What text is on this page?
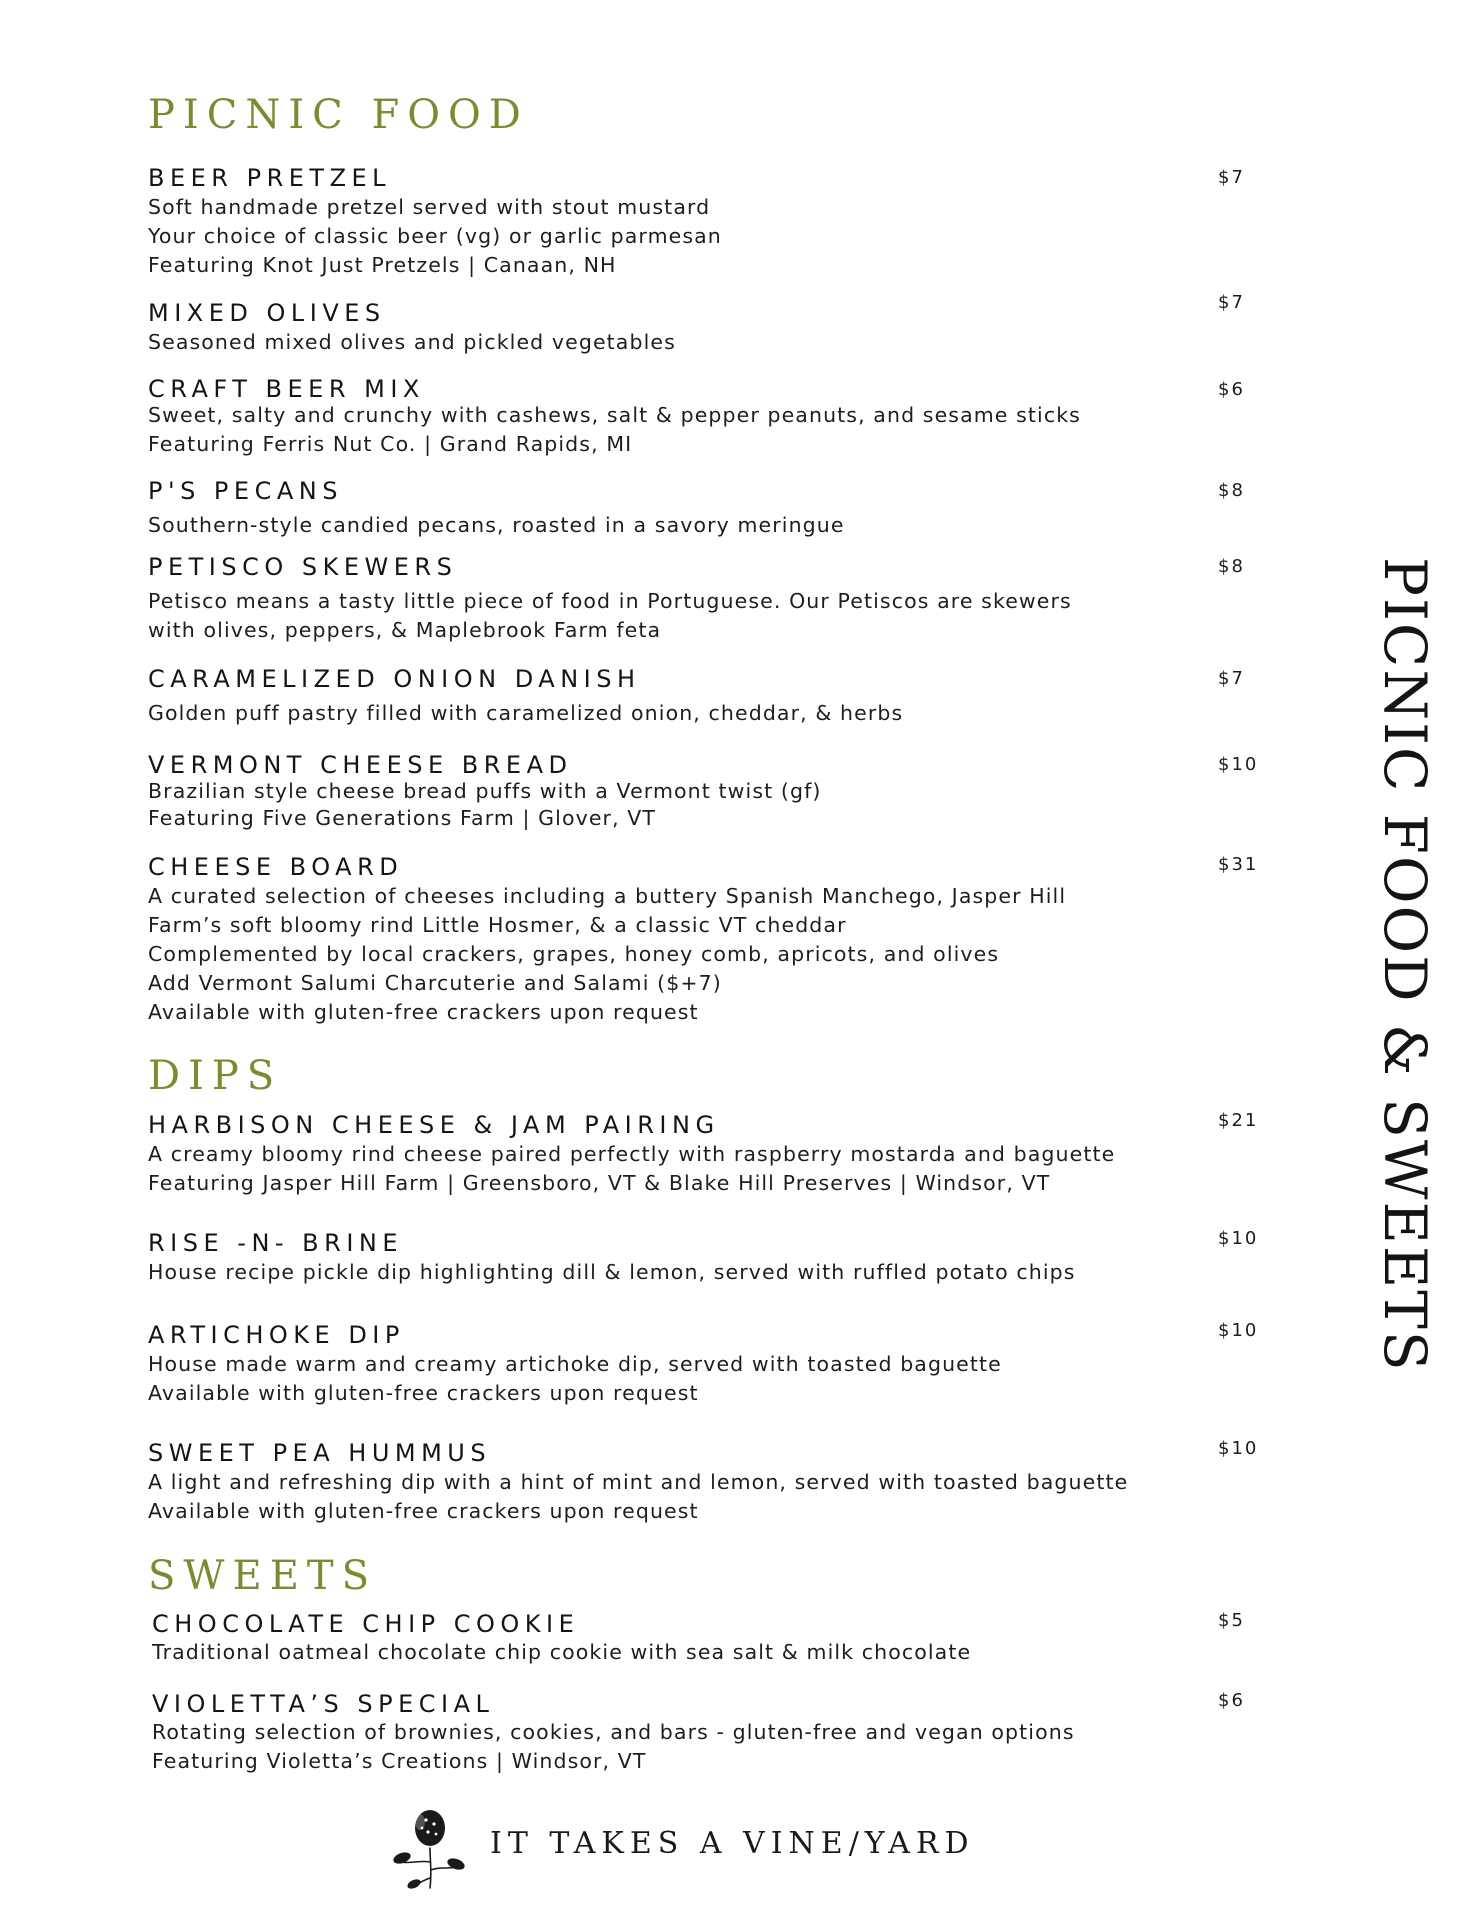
PICNIC FOOD
BEER PRETZEL	$7
Soft handmade pretzel served with stout mustard
Your choice of classic beer (vg) or garlic parmesan
Featuring Knot Just Pretzels | Canaan, NH
MIXED OLIVES	$7
Seasoned mixed olives and pickled vegetables
CRAFT BEER MIX	$6
Sweet, salty and crunchy with cashews, salt & pepper peanuts, and sesame sticks
Featuring Ferris Nut Co. | Grand Rapids, MI
P'S PECANS	$8
Southern-style candied pecans, roasted in a savory meringue
PETISCO SKEWERS	$8
Petisco means a tasty little piece of food in Portuguese. Our Petiscos are skewers
with olives, peppers, & Maplebrook Farm feta
CARAMELIZED ONION DANISH	$7
Golden puff pastry filled with caramelized onion, cheddar, & herbs
VERMONT CHEESE BREAD	$10
Brazilian style cheese bread puffs with a Vermont twist (gf)
Featuring Five Generations Farm | Glover, VT
CHEESE BOARD	$31
A curated selection of cheeses including a buttery Spanish Manchego, Jasper Hill
Farm’s soft bloomy rind Little Hosmer, & a classic VT cheddar
Complemented by local crackers, grapes, honey comb, apricots, and olives
Add Vermont Salumi Charcuterie and Salami ($+7)
Available with gluten-free crackers upon request
DIPS
HARBISON CHEESE & JAM PAIRING	$21
A creamy bloomy rind cheese paired perfectly with raspberry mostarda and baguette
Featuring Jasper Hill Farm | Greensboro, VT & Blake Hill Preserves | Windsor, VT
RISE -N- BRINE	$10
House recipe pickle dip highlighting dill & lemon, served with ruffled potato chips
ARTICHOKE DIP	$10
House made warm and creamy artichoke dip, served with toasted baguette
Available with gluten-free crackers upon request
SWEET PEA HUMMUS	$10
A light and refreshing dip with a hint of mint and lemon, served with toasted baguette
Available with gluten-free crackers upon request
SWEETS
CHOCOLATE CHIP COOKIE	$5
Traditional oatmeal chocolate chip cookie with sea salt & milk chocolate
VIOLETTA’S SPECIAL	$6
Rotating selection of brownies, cookies, and bars - gluten-free and vegan options
Featuring Violetta’s Creations | Windsor, VT
PICNIC FOOD & SWEETS
IT TAKES A VINE/YARD
